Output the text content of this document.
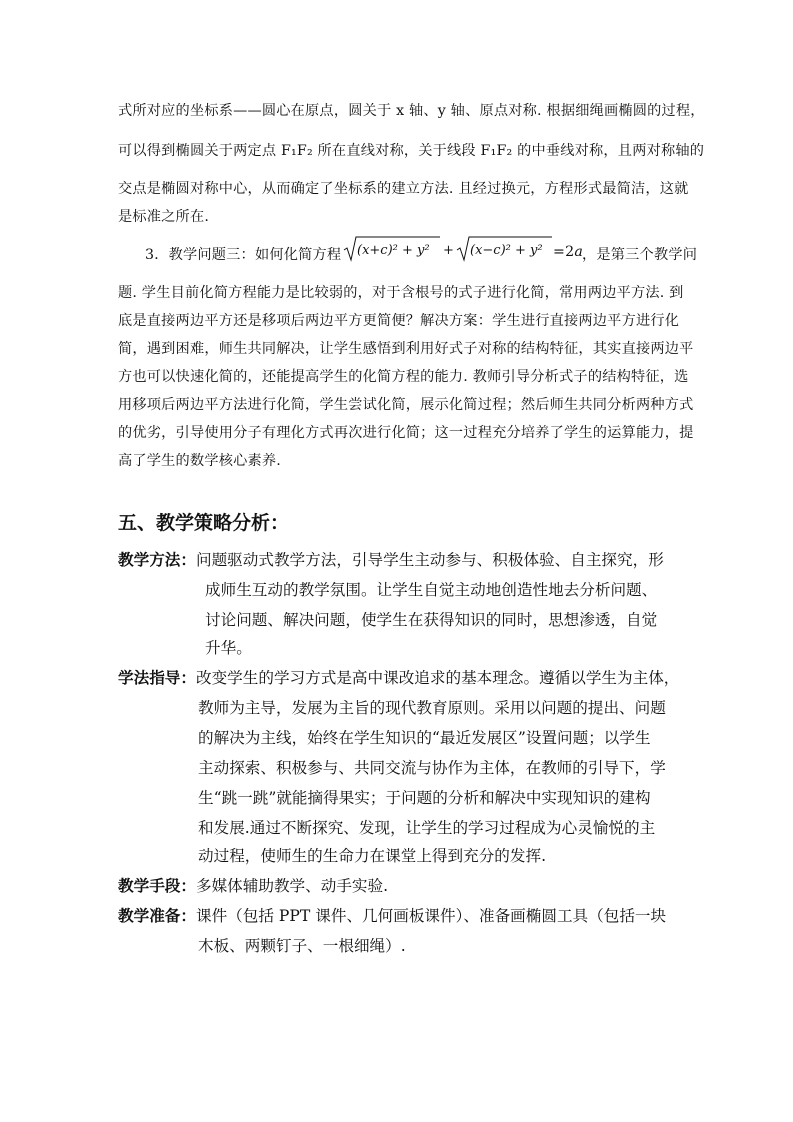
式所对应的坐标系——圆心在原点，圆关于 x 轴、y 轴、原点对称. 根据细绳画椭圆的过程，
可以得到椭圆关于两定点 F₁F₂ 所在直线对称，关于线段 F₁F₂ 的中垂线对称，且两对称轴的
交点是椭圆对称中心，从而确定了坐标系的建立方法. 且经过换元，方程形式最简洁，这就
是标准之所在.
3．教学问题三：如何化简方程 (x+c)² + y² + (x−c)² + y² =2a ，是第三个教学问
题. 学生目前化简方程能力是比较弱的，对于含根号的式子进行化简，常用两边平方法. 到
底是直接两边平方还是移项后两边平方更简便？解决方案：学生进行直接两边平方进行化
简，遇到困难，师生共同解决，让学生感悟到利用好式子对称的结构特征，其实直接两边平
方也可以快速化简的，还能提高学生的化简方程的能力. 教师引导分析式子的结构特征，选
用移项后两边平方法进行化简，学生尝试化简，展示化简过程；然后师生共同分析两种方式
的优劣，引导使用分子有理化方式再次进行化简；这一过程充分培养了学生的运算能力，提
高了学生的数学核心素养.
五、教学策略分析：
教学方法：问题驱动式教学方法，引导学生主动参与、积极体验、自主探究，形
成师生互动的教学氛围。让学生自觉主动地创造性地去分析问题、
讨论问题、解决问题，使学生在获得知识的同时，思想渗透，自觉
升华。
学法指导：改变学生的学习方式是高中课改追求的基本理念。遵循以学生为主体，
教师为主导，发展为主旨的现代教育原则。采用以问题的提出、问题
的解决为主线，始终在学生知识的“最近发展区”设置问题；以学生
主动探索、积极参与、共同交流与协作为主体，在教师的引导下，学
生“跳一跳”就能摘得果实；于问题的分析和解决中实现知识的建构
和发展.通过不断探究、发现，让学生的学习过程成为心灵愉悦的主
动过程，使师生的生命力在课堂上得到充分的发挥.
教学手段：多媒体辅助教学、动手实验.
教学准备：课件（包括 PPT 课件、几何画板课件）、准备画椭圆工具（包括一块
木板、两颗钉子、一根细绳）.
